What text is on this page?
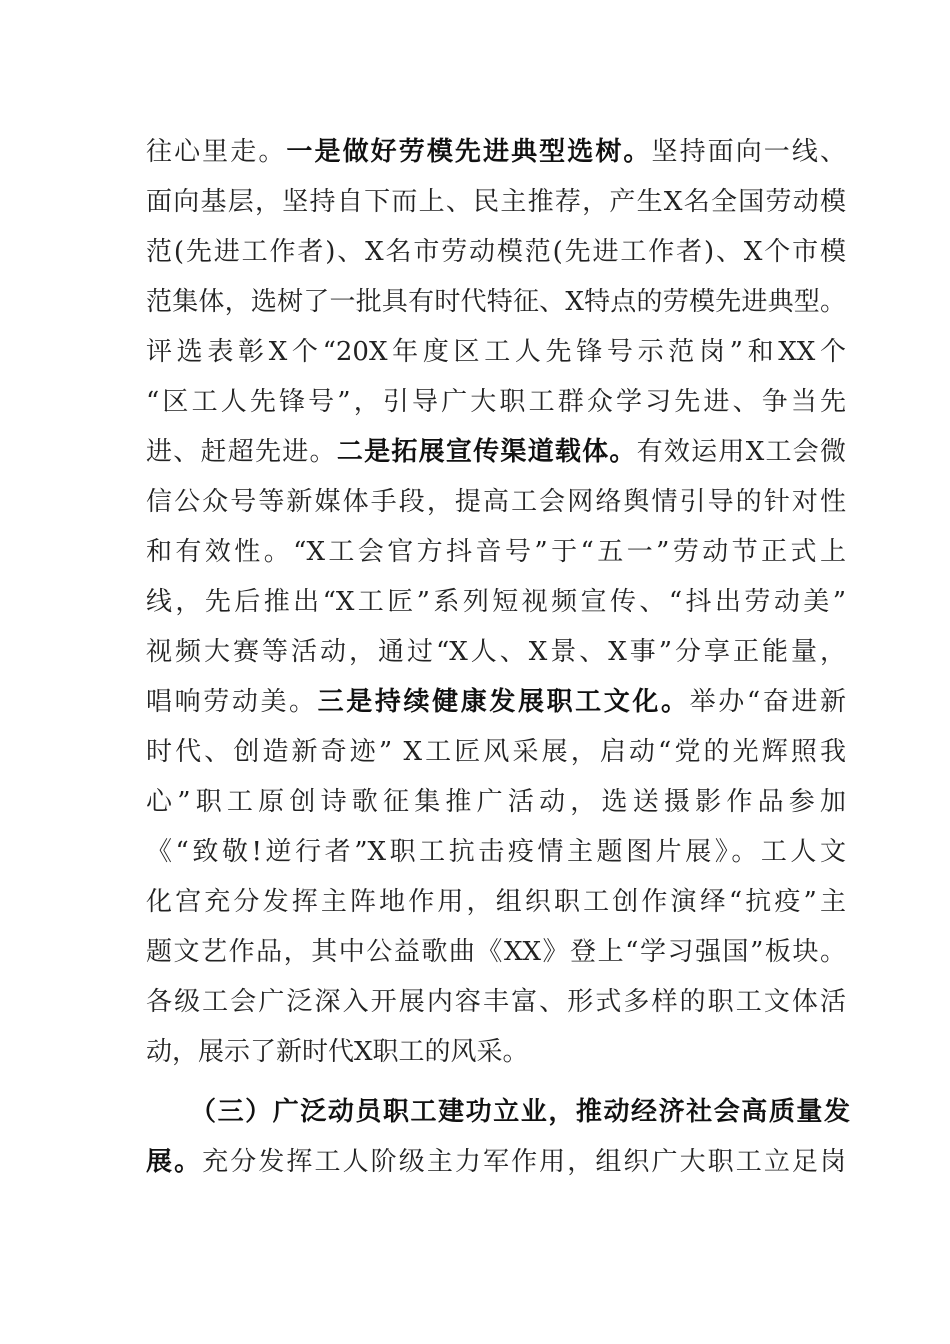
往心里走。一是做好劳模先进典型选树。坚持面向一线、
面向基层，坚持自下而上、民主推荐，产生X名全国劳动模
范(先进工作者)、X名市劳动模范(先进工作者)、X个市模
范集体，选树了一批具有时代特征、X特点的劳模先进典型。
评选表彰X个“20X年度区工人先锋号示范岗”和XX个
“区工人先锋号”，引导广大职工群众学习先进、争当先
进、赶超先进。二是拓展宣传渠道载体。有效运用X工会微
信公众号等新媒体手段，提高工会网络舆情引导的针对性
和有效性。“X工会官方抖音号”于“五一”劳动节正式上
线，先后推出“X工匠”系列短视频宣传、“抖出劳动美”
视频大赛等活动，通过“X人、X景、X事”分享正能量，
唱响劳动美。三是持续健康发展职工文化。举办“奋进新
时代、创造新奇迹” X工匠风采展，启动“党的光辉照我
心”职工原创诗歌征集推广活动，选送摄影作品参加
《“致敬!逆行者”X职工抗击疫情主题图片展》。工人文
化宫充分发挥主阵地作用，组织职工创作演绎“抗疫”主
题文艺作品，其中公益歌曲《XX》登上“学习强国”板块。
各级工会广泛深入开展内容丰富、形式多样的职工文体活
动，展示了新时代X职工的风采。
（三）广泛动员职工建功立业，推动经济社会高质量发
展。充分发挥工人阶级主力军作用，组织广大职工立足岗
